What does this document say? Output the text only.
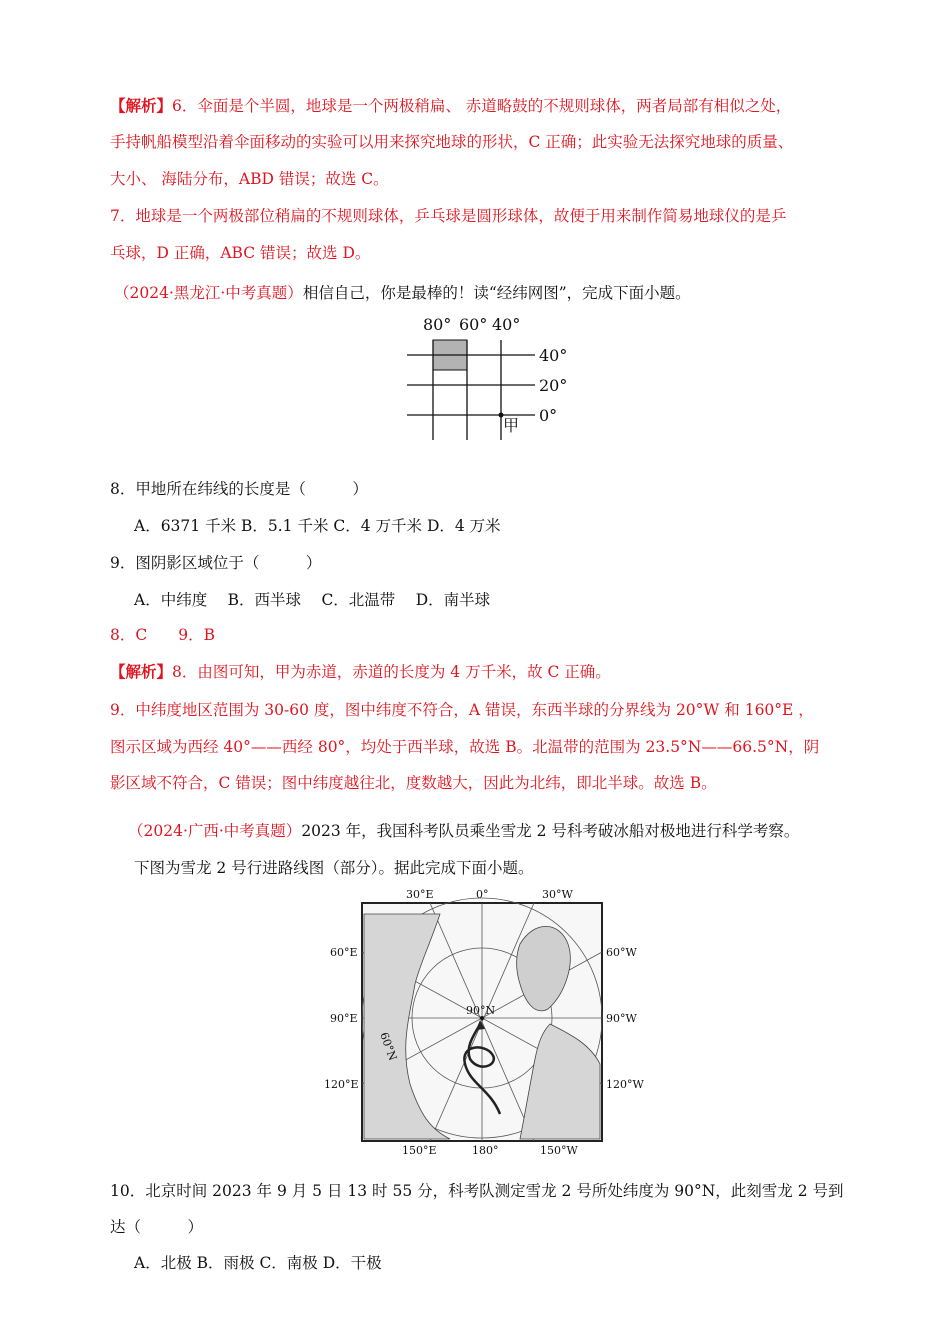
【解析】6．伞面是个半圆，地球是一个两极稍扁、 赤道略鼓的不规则球体，两者局部有相似之处，
手持帆船模型沿着伞面移动的实验可以用来探究地球的形状，C 正确；此实验无法探究地球的质量、
大小、 海陆分布，ABD 错误；故选 C。
7．地球是一个两极部位稍扁的不规则球体，乒乓球是圆形球体，故便于用来制作简易地球仪的是乒
乓球，D 正确，ABC 错误；故选 D。
（2024·黑龙江·中考真题）相信自己，你是最棒的！读“经纬网图”，完成下面小题。
80° 60° 40°
40°
20°
0°
甲
8．甲地所在纬线的长度是（　　　）
A．6371 千米 B．5.1 千米 C．4 万千米 D．4 万米
9．图阴影区域位于（　　　）
A．中纬度　 B．西半球　 C．北温带　 D．南半球
8．C　　9．B
【解析】8．由图可知，甲为赤道，赤道的长度为 4 万千米，故 C 正确。
9．中纬度地区范围为 30-60 度，图中纬度不符合，A 错误，东西半球的分界线为 20°W 和 160°E ，
图示区域为西经 40°——西经 80°，均处于西半球，故选 B。北温带的范围为 23.5°N——66.5°N，阴
影区域不符合，C 错误；图中纬度越往北，度数越大，因此为北纬，即北半球。故选 B。
（2024·广西·中考真题）2023 年，我国科考队员乘坐雪龙 2 号科考破冰船对极地进行科学考察。
下图为雪龙 2 号行进路线图（部分）。据此完成下面小题。
30°E	0°	30°W
60°E
90°E
120°E
60°W
90°W
120°W
150°E	180°	150°W
90°N
60°N
10．北京时间 2023 年 9 月 5 日 13 时 55 分，科考队测定雪龙 2 号所处纬度为 90°N，此刻雪龙 2 号到
达（　　　）
A．北极 B．雨极 C．南极 D．干极
